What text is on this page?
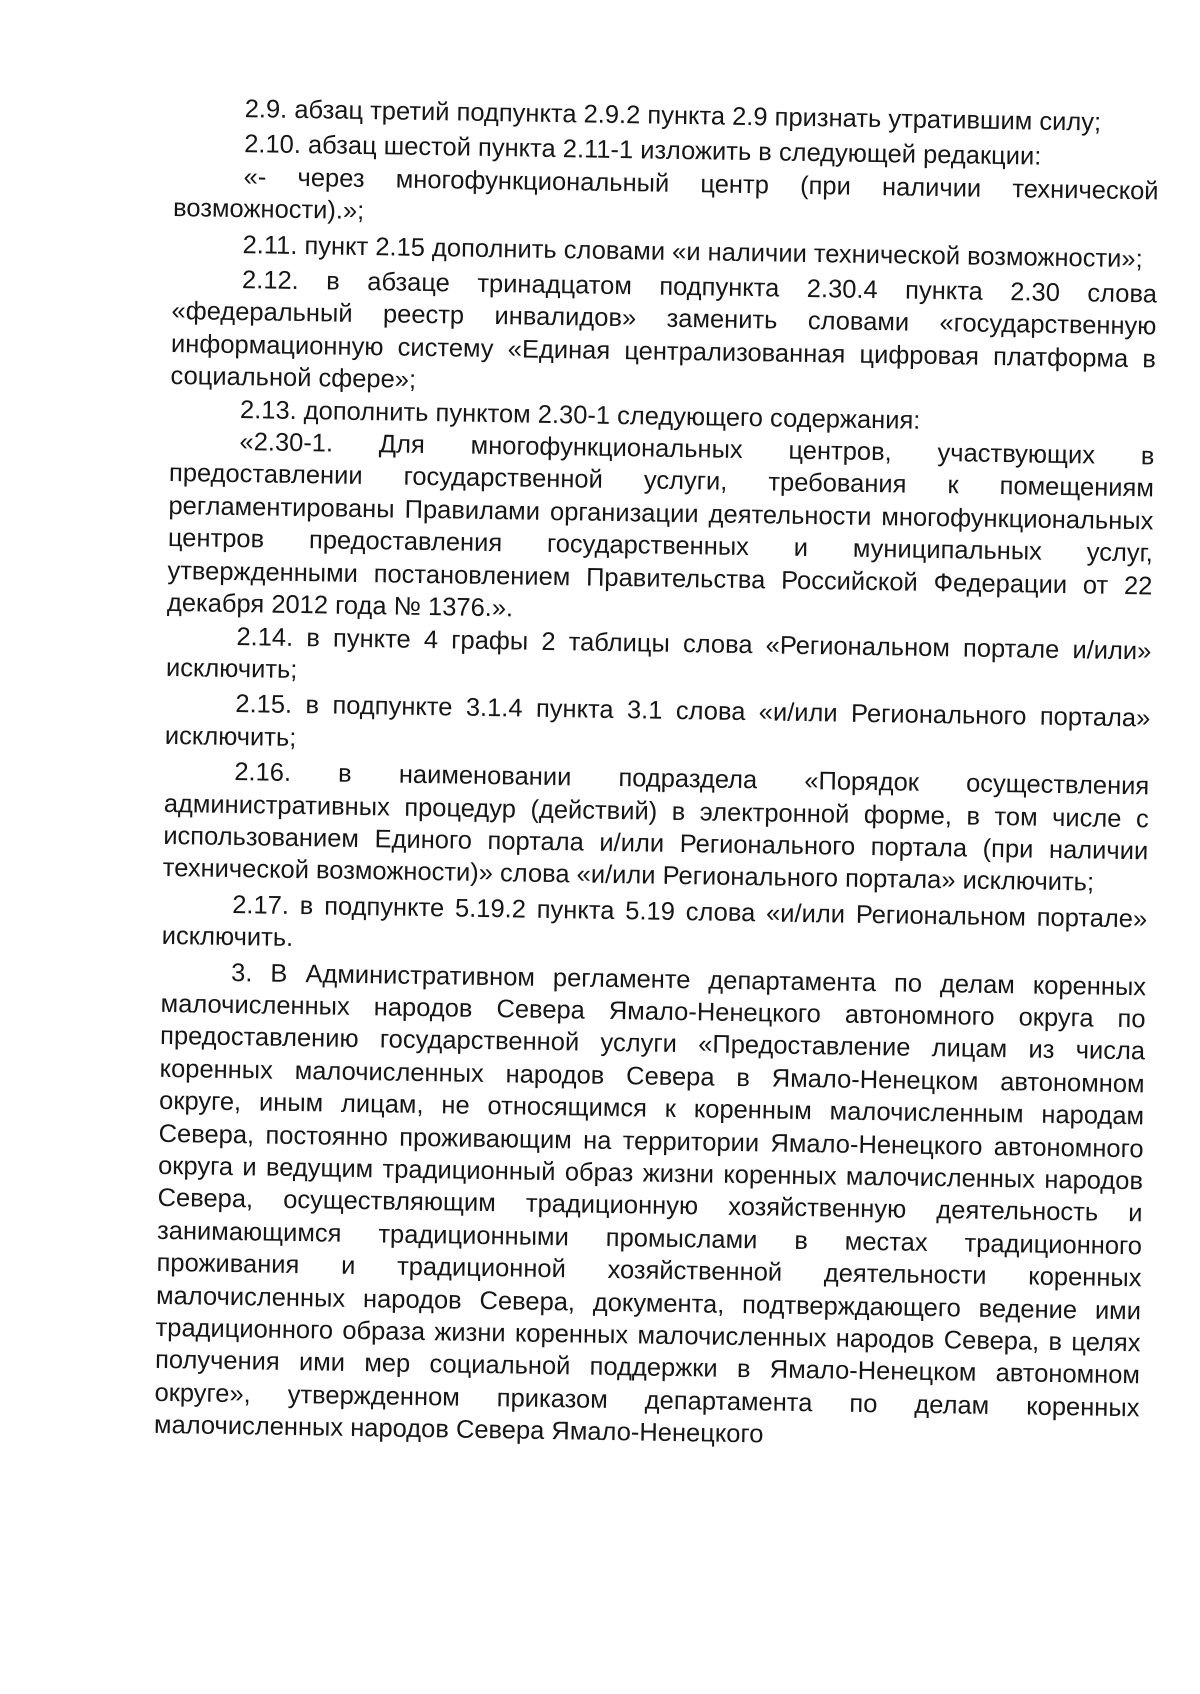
2.9. абзац третий подпункта 2.9.2 пункта 2.9 признать утратившим силу;

2.10. абзац шестой пункта 2.11-1 изложить в следующей редакции:

«- через многофункциональный центр (при наличии технической возможности).»;

2.11. пункт 2.15 дополнить словами «и наличии технической возможности»;

2.12. в абзаце тринадцатом подпункта 2.30.4 пункта 2.30 слова «федеральный реестр инвалидов» заменить словами «государственную информационную систему «Единая централизованная цифровая платформа в социальной сфере»;

2.13. дополнить пунктом 2.30-1 следующего содержания:

«2.30-1. Для многофункциональных центров, участвующих в предоставлении государственной услуги, требования к помещениям регламентированы Правилами организации деятельности многофункциональных центров предоставления государственных и муниципальных услуг, утвержденными постановлением Правительства Российской Федерации от 22 декабря 2012 года № 1376.».

2.14. в пункте 4 графы 2 таблицы слова «Региональном портале и/или» исключить;

2.15. в подпункте 3.1.4 пункта 3.1 слова «и/или Регионального портала» исключить;

2.16. в наименовании подраздела «Порядок осуществления административных процедур (действий) в электронной форме, в том числе с использованием Единого портала и/или Регионального портала (при наличии технической возможности)» слова «и/или Регионального портала» исключить;

2.17. в подпункте 5.19.2 пункта 5.19 слова «и/или Региональном портале» исключить.

3. В Административном регламенте департамента по делам коренных малочисленных народов Севера Ямало-Ненецкого автономного округа по предоставлению государственной услуги «Предоставление лицам из числа коренных малочисленных народов Севера в Ямало-Ненецком автономном округе, иным лицам, не относящимся к коренным малочисленным народам Севера, постоянно проживающим на территории Ямало-Ненецкого автономного округа и ведущим традиционный образ жизни коренных малочисленных народов Севера, осуществляющим традиционную хозяйственную деятельность и занимающимся традиционными промыслами в местах традиционного проживания и традиционной хозяйственной деятельности коренных малочисленных народов Севера, документа, подтверждающего ведение ими традиционного образа жизни коренных малочисленных народов Севера, в целях получения ими мер социальной поддержки в Ямало-Ненецком автономном округе», утвержденном приказом департамента по делам коренных малочисленных народов Севера Ямало-Ненецкого
